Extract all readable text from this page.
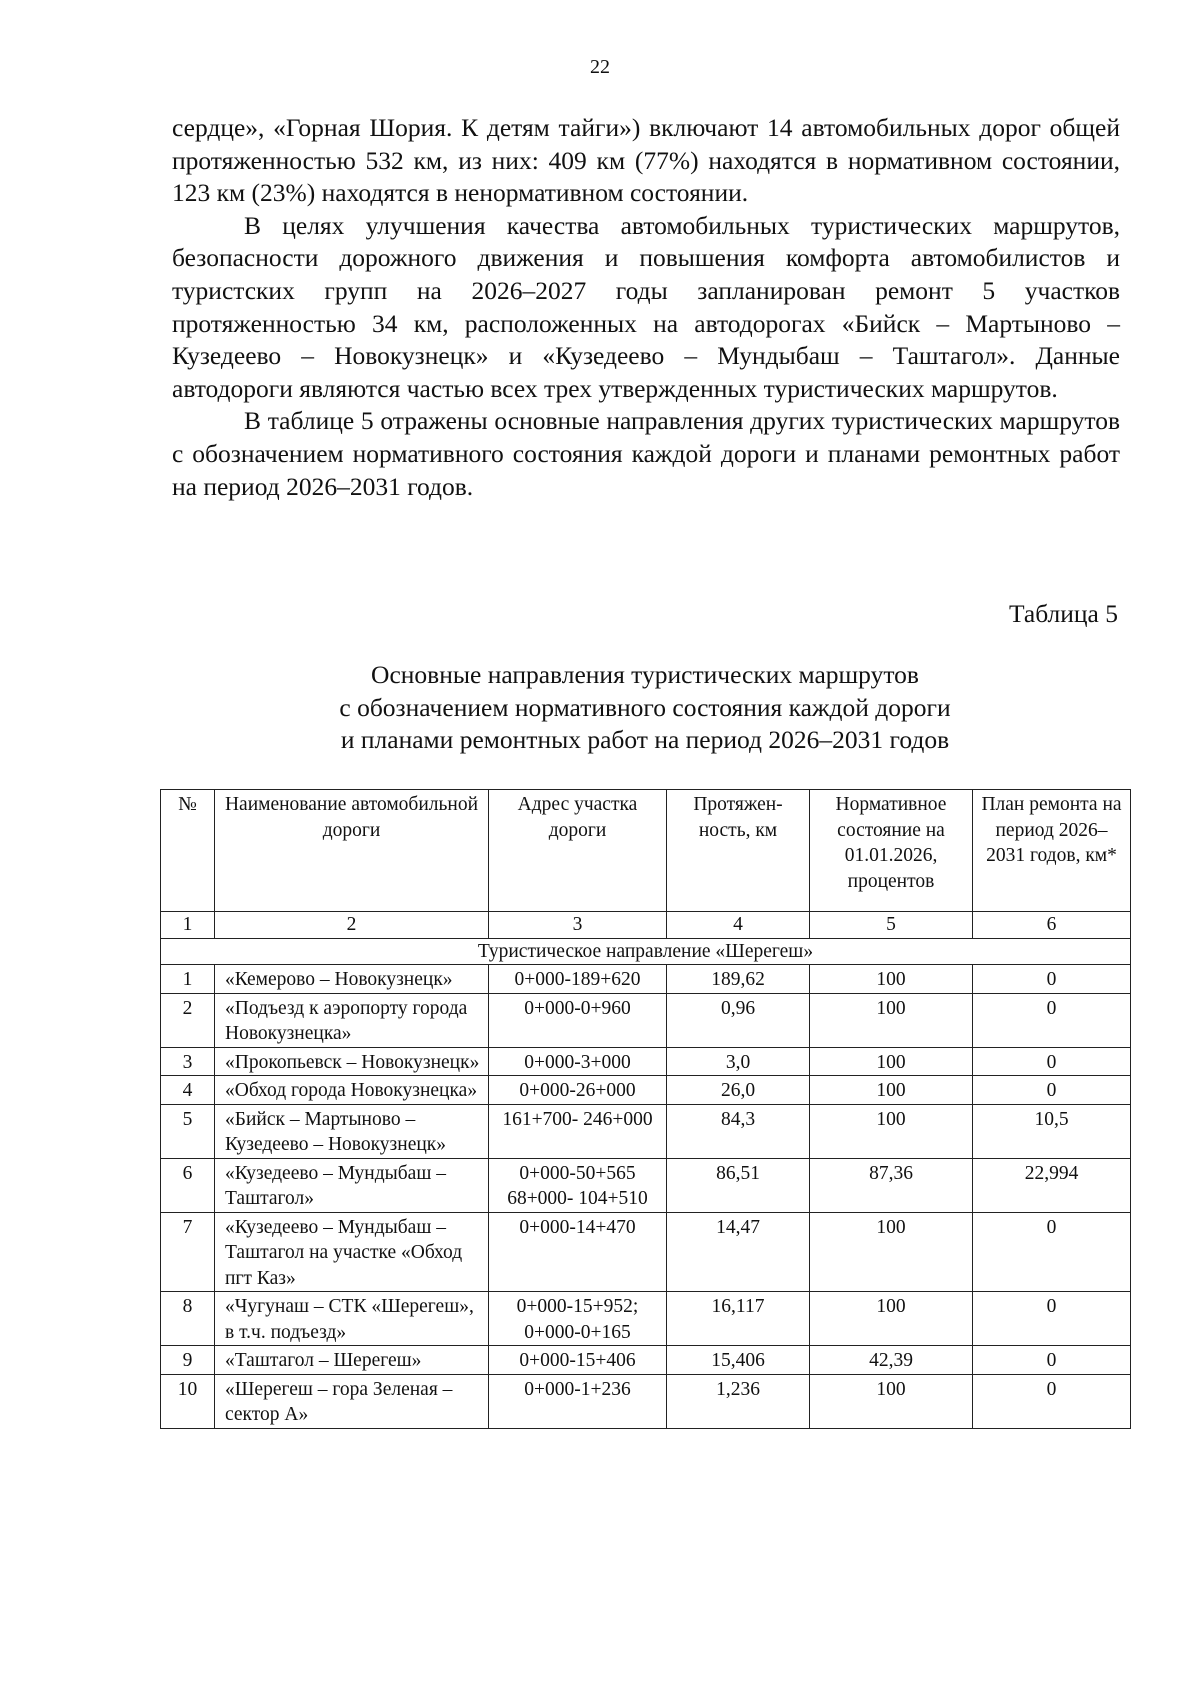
22

сердце», «Горная Шория. К детям тайги») включают 14 автомобильных дорог общей протяженностью 532 км, из них: 409 км (77%) находятся в нормативном состоянии, 123 км (23%) находятся в ненормативном состоянии.

В целях улучшения качества автомобильных туристических маршрутов, безопасности дорожного движения и повышения комфорта автомобилистов и туристских групп на 2026–2027 годы запланирован ремонт 5 участков протяженностью 34 км, расположенных на автодорогах «Бийск – Мартыново – Кузедеево – Новокузнецк» и «Кузедеево – Мундыбаш – Таштагол». Данные автодороги являются частью всех трех утвержденных туристических маршрутов.

В таблице 5 отражены основные направления других туристических маршрутов с обозначением нормативного состояния каждой дороги и планами ремонтных работ на период 2026–2031 годов.

Таблица 5
Основные направления туристических маршрутов
с обозначением нормативного состояния каждой дороги
и планами ремонтных работ на период 2026–2031 годов
№	Наименование автомобильной дороги	Адрес участка дороги	Протяжен-ность, км	Нормативное состояние на 01.01.2026, процентов	План ремонта на период 2026– 2031 годов, км*
1	2	3	4	5	6
Туристическое направление «Шерегеш»					
1	«Кемерово – Новокузнецк»	0+000-189+620	189,62	100	0
2	«Подъезд к аэропорту города Новокузнецка»	0+000-0+960	0,96	100	0
3	«Прокопьевск – Новокузнецк»	0+000-3+000	3,0	100	0
4	«Обход города Новокузнецка»	0+000-26+000	26,0	100	0
5	«Бийск – Мартыново – Кузедеево – Новокузнецк»	161+700- 246+000	84,3	100	10,5
6	«Кузедеево – Мундыбаш – Таштагол»	0+000-50+565 68+000- 104+510	86,51	87,36	22,994
7	«Кузедеево – Мундыбаш –Таштагол на участке «Обход пгт Каз»	0+000-14+470	14,47	100	0
8	«Чугунаш – СТК «Шерегеш», в т.ч. подъезд»	0+000-15+952; 0+000-0+165	16,117	100	0
9	«Таштагол – Шерегеш»	0+000-15+406	15,406	42,39	0
10	«Шерегеш – гора Зеленая – сектор А»	0+000-1+236	1,236	100	0
